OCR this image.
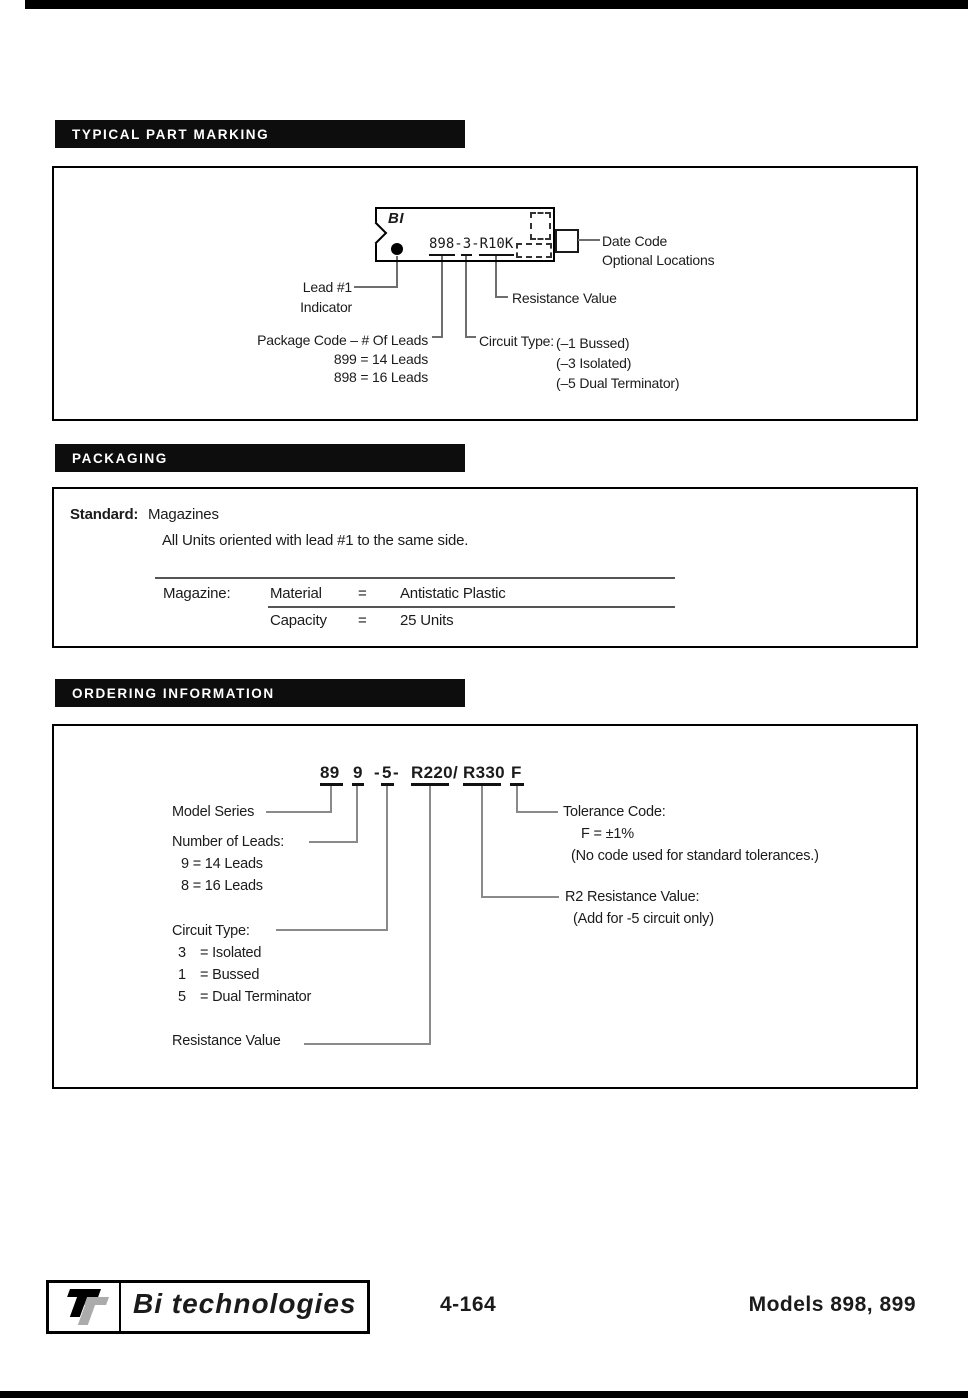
TYPICAL PART MARKING
PACKAGING
ORDERING INFORMATION
BI
898-3-R10K	Date Code
Optional Locations
Lead #1
Indicator
Resistance Value
Package Code – # Of Leads
899 = 14 Leads
898 = 16 Leads
Circuit Type: (–1 Bussed)
(–3 Isolated)
(–5 Dual Terminator)
Standard: Magazines
All Units oriented with lead #1 to the same side.
Magazine:	Material = Antistatic Plastic
Capacity = 25 Units
89 9 - 5 - R220 / R330 F
Model Series
Number of Leads:
9 = 14 Leads
8 = 16 Leads
Circuit Type:
3 = Isolated
1 = Bussed
5 = Dual Terminator
Resistance Value
Tolerance Code:
F = ±1%
(No code used for standard tolerances.)
R2 Resistance Value:
(Add for -5 circuit only)
Bi technologies	4-164	Models 898, 899
